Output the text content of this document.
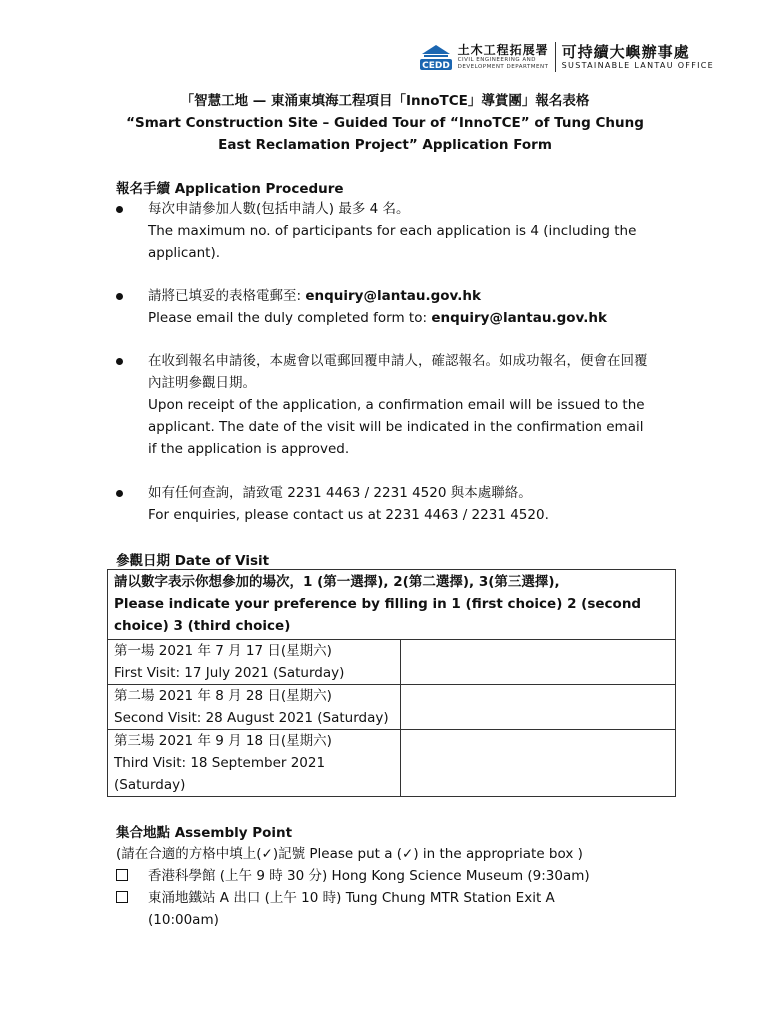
CEDD
土木工程拓展署
CIVIL ENGINEERING AND
DEVELOPMENT DEPARTMENT
可持續大嶼辦事處
SUSTAINABLE LANTAU OFFICE
「智慧工地 — 東涌東填海工程項目「InnoTCE」導賞團」報名表格
“Smart Construction Site – Guided Tour of “InnoTCE” of Tung Chung
East Reclamation Project” Application Form
報名手續 Application Procedure
每次申請參加人數(包括申請人) 最多 4 名。
The maximum no. of participants for each application is 4 (including the applicant).
請將已填妥的表格電郵至: enquiry@lantau.gov.hk
Please email the duly completed form to: enquiry@lantau.gov.hk
在收到報名申請後，本處會以電郵回覆申請人，確認報名。如成功報名，便會在回覆內註明參觀日期。
Upon receipt of the application, a confirmation email will be issued to the applicant. The date of the visit will be indicated in the confirmation email if the application is approved.
如有任何查詢，請致電 2231 4463 / 2231 4520 與本處聯絡。
For enquiries, please contact us at 2231 4463 / 2231 4520.
參觀日期 Date of Visit
請以數字表示你想參加的場次，1 (第一選擇), 2(第二選擇), 3(第三選擇),
Please indicate your preference by filling in 1 (first choice) 2 (second choice) 3 (third choice)	

第一場 2021 年 7 月 17 日(星期六)
First Visit: 17 July 2021 (Saturday)	

第二場 2021 年 8 月 28 日(星期六)
Second Visit: 28 August 2021 (Saturday)	

第三場 2021 年 9 月 18 日(星期六)
Third Visit: 18 September 2021 (Saturday)	

集合地點 Assembly Point
(請在合適的方格中填上(✓)記號 Please put a (✓) in the appropriate box )
香港科學館 (上午 9 時 30 分) Hong Kong Science Museum (9:30am)
東涌地鐵站 A 出口 (上午 10 時) Tung Chung MTR Station Exit A (10:00am)
